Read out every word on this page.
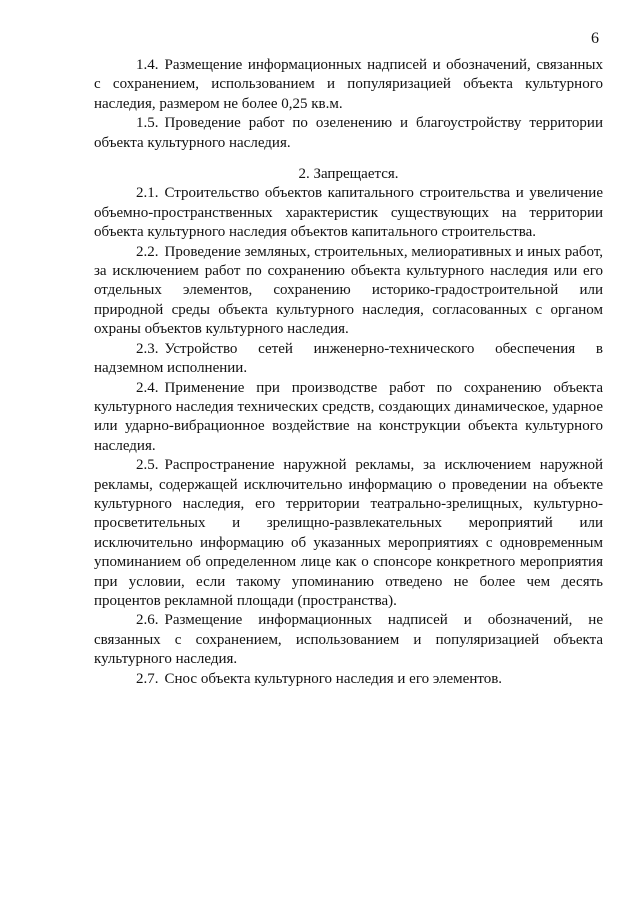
6

1.4. Размещение информационных надписей и обозначений, связанных с сохранением, использованием и популяризацией объекта культурного наследия, размером не более 0,25 кв.м.

1.5. Проведение работ по озеленению и благоустройству территории объекта культурного наследия.

2. Запрещается.

2.1. Строительство объектов капитального строительства и увеличение объемно-пространственных характеристик существующих на территории объекта культурного наследия объектов капитального строительства.

2.2. Проведение земляных, строительных, мелиоративных и иных работ, за исключением работ по сохранению объекта культурного наследия или его отдельных элементов, сохранению историко-градостроительной или природной среды объекта культурного наследия, согласованных с органом охраны объектов культурного наследия.

2.3. Устройство сетей инженерно-технического обеспечения в надземном исполнении.

2.4. Применение при производстве работ по сохранению объекта культурного наследия технических средств, создающих динамическое, ударное или ударно-вибрационное воздействие на конструкции объекта культурного наследия.

2.5. Распространение наружной рекламы, за исключением наружной рекламы, содержащей исключительно информацию о проведении на объекте культурного наследия, его территории театрально-зрелищных, культурно-просветительных и зрелищно-развлекательных мероприятий или исключительно информацию об указанных мероприятиях с одновременным упоминанием об определенном лице как о спонсоре конкретного мероприятия при условии, если такому упоминанию отведено не более чем десять процентов рекламной площади (пространства).

2.6. Размещение информационных надписей и обозначений, не связанных с сохранением, использованием и популяризацией объекта культурного наследия.

2.7. Снос объекта культурного наследия и его элементов.
